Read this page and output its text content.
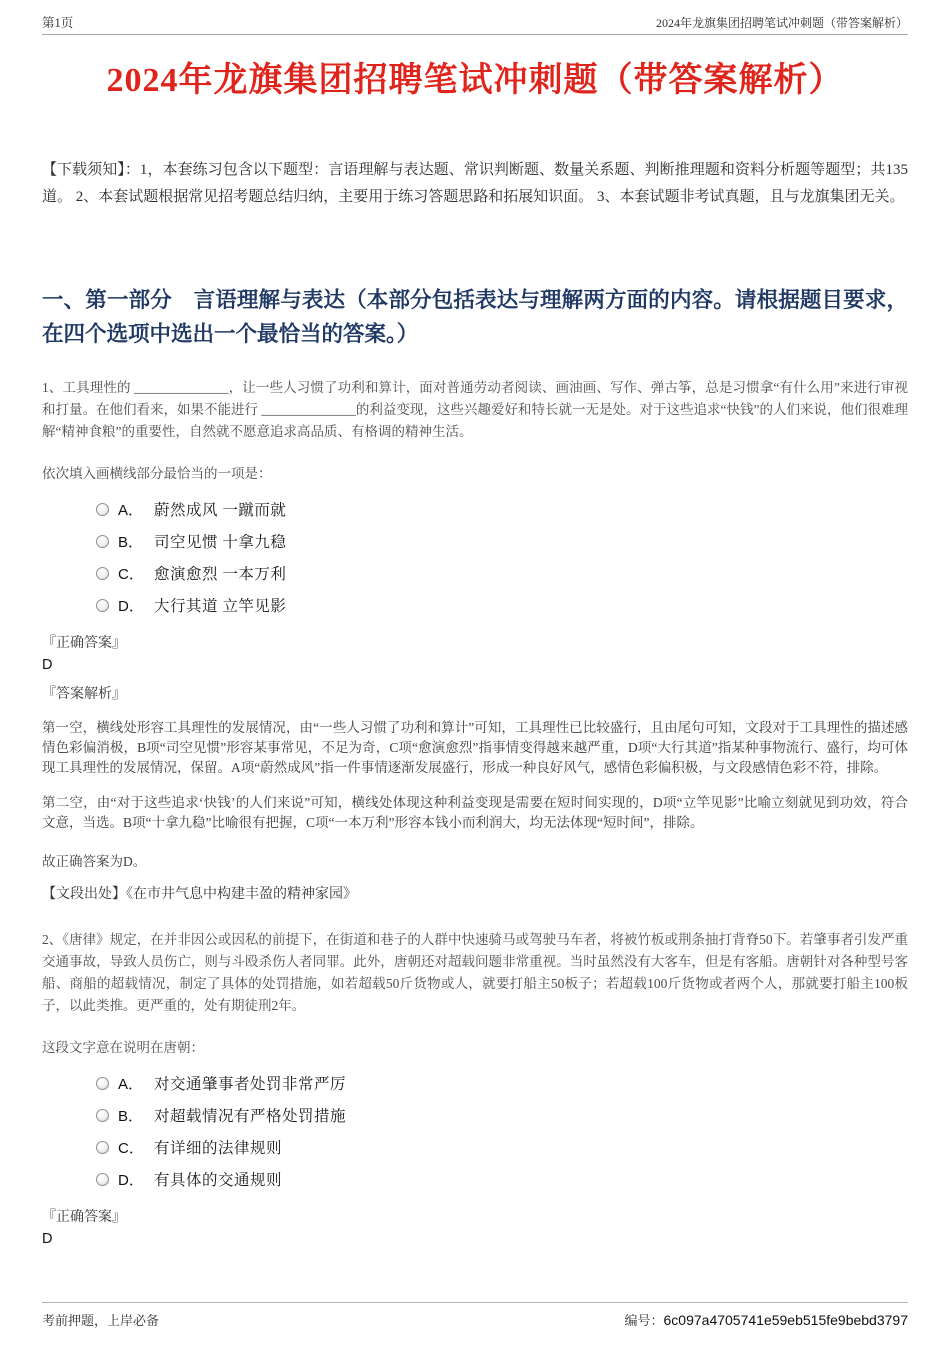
第1页	2024年龙旗集团招聘笔试冲刺题（带答案解析）
2024年龙旗集团招聘笔试冲刺题（带答案解析）
【下载须知】：1，本套练习包含以下题型：言语理解与表达题、常识判断题、数量关系题、判断推理题和资料分析题等题型；共135道。 2、本套试题根据常见招考题总结归纳，主要用于练习答题思路和拓展知识面。 3、本套试题非考试真题，且与龙旗集团无关。
一、第一部分　言语理解与表达（本部分包括表达与理解两方面的内容。请根据题目要求，在四个选项中选出一个最恰当的答案。）
1、工具理性的 ______________，让一些人习惯了功利和算计，面对普通劳动者阅读、画油画、写作、弹古筝，总是习惯拿“有什么用”来进行审视和打量。在他们看来，如果不能进行 ______________的利益变现，这些兴趣爱好和特长就一无是处。对于这些追求“快钱”的人们来说，他们很难理解“精神食粮”的重要性，自然就不愿意追求高品质、有格调的精神生活。
依次填入画横线部分最恰当的一项是：
A． 蔚然成风 一蹴而就
B． 司空见惯 十拿九稳
C． 愈演愈烈 一本万利
D． 大行其道 立竿见影
『正确答案』
D
『答案解析』
第一空，横线处形容工具理性的发展情况，由“一些人习惯了功利和算计”可知，工具理性已比较盛行，且由尾句可知，文段对于工具理性的描述感情色彩偏消极，B项“司空见惯”形容某事常见，不足为奇，C项“愈演愈烈”指事情变得越来越严重，D项“大行其道”指某种事物流行、盛行，均可体现工具理性的发展情况，保留。A项“蔚然成风”指一件事情逐渐发展盛行，形成一种良好风气，感情色彩偏积极，与文段感情色彩不符，排除。
第二空，由“对于这些追求‘快钱’的人们来说”可知，横线处体现这种利益变现是需要在短时间实现的，D项“立竿见影”比喻立刻就见到功效，符合文意，当选。B项“十拿九稳”比喻很有把握，C项“一本万利”形容本钱小而利润大，均无法体现“短时间”，排除。
故正确答案为D。
【文段出处】《在市井气息中构建丰盈的精神家园》
2、《唐律》规定，在并非因公或因私的前提下，在街道和巷子的人群中快速骑马或驾驶马车者，将被竹板或荆条抽打背脊50下。若肇事者引发严重交通事故，导致人员伤亡，则与斗殴杀伤人者同罪。此外，唐朝还对超载问题非常重视。当时虽然没有大客车，但是有客船。唐朝针对各种型号客船、商船的超载情况，制定了具体的处罚措施，如若超载50斤货物或人，就要打船主50板子；若超载100斤货物或者两个人，那就要打船主100板子，以此类推。更严重的，处有期徒刑2年。
这段文字意在说明在唐朝：
A． 对交通肇事者处罚非常严厉
B． 对超载情况有严格处罚措施
C． 有详细的法律规则
D． 有具体的交通规则
『正确答案』
D
考前押题，上岸必备	编号： 6c097a4705741e59eb515fe9bebd3797
